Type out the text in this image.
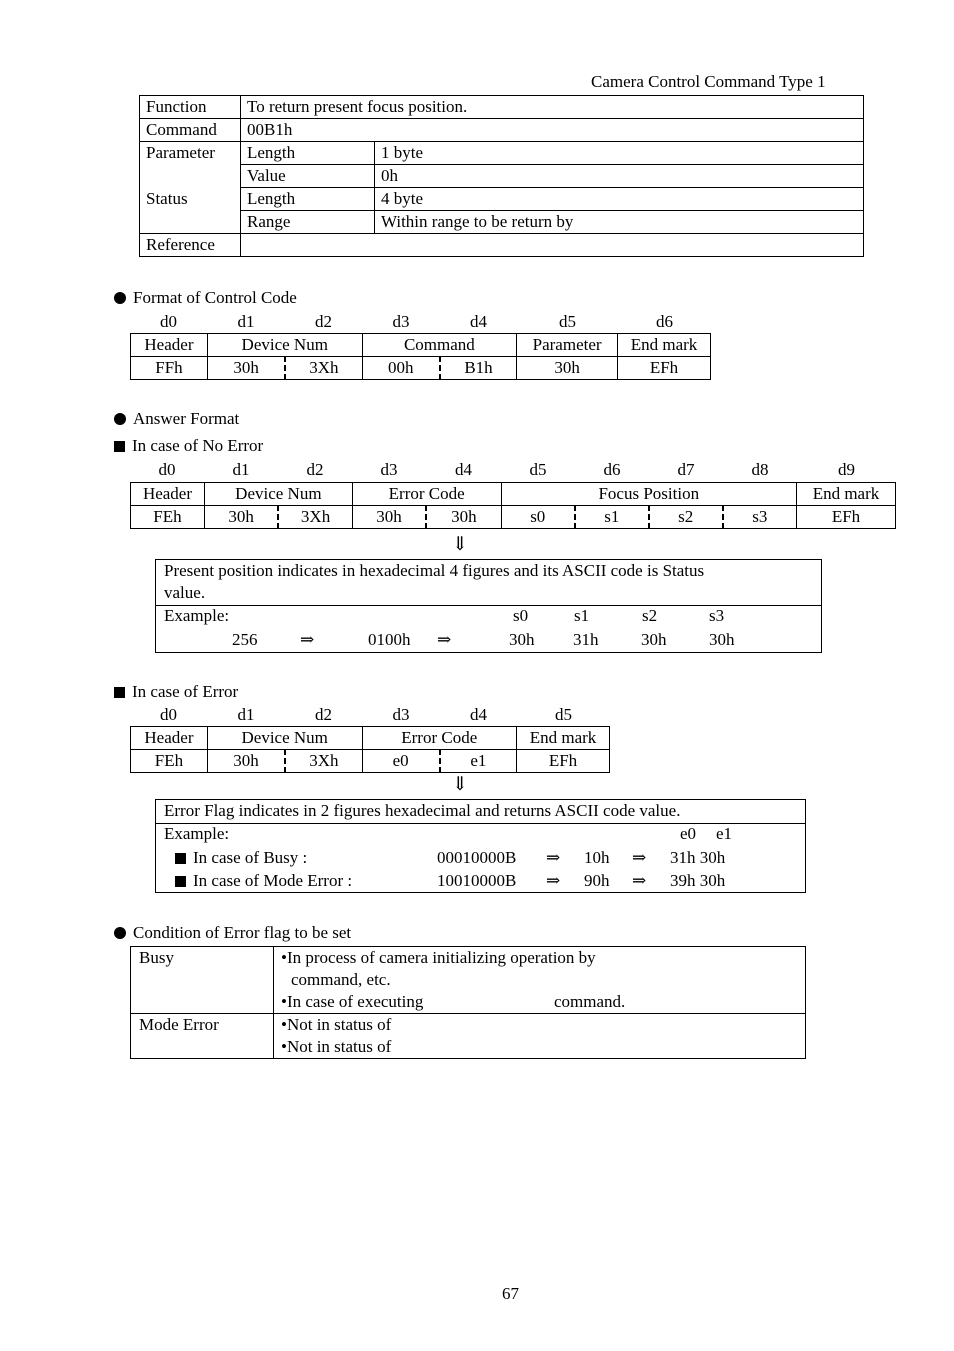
Camera Control Command Type 1
Function	To return present focus position.	
Command	00B1h	
Parameter	Length	1 byte
	Value	0h
Status	Length	4 byte
	Range	Within range to be return by
Reference		
Format of Control Code
d0	d1	d2	d3	d4	d5	d6
Header	Device Num		Command		Parameter	End mark
FFh	30h	3Xh	00h	B1h	30h	EFh
Answer Format
In case of No Error
d0	d1	d2	d3	d4	d5	d6	d7	d8	d9
Header	Device Num		Error Code		Focus Position				End mark
FEh	30h	3Xh	30h	30h	s0	s1	s2	s3	EFh
⇓
Present position indicates in hexadecimal 4 figures and its ASCII code is Status
value.
Example:	s0	s1	s2	s3
256	⇒	0100h ⇒	30h 31h	30h	30h
In case of Error
d0	d1	d2	d3	d4	d5
Header	Device Num		Error Code		End mark
FEh	30h	3Xh	e0	e1	EFh
⇓
Error Flag indicates in 2 figures hexadecimal and returns ASCII code value.
Example:	e0 e1
In case of Busy :	00010000B ⇒ 10h ⇒ 31h 30h
In case of Mode Error :	10010000B ⇒ 90h ⇒ 39h 30h
Condition of Error flag to be set
Busy	•In process of camera initializing operation by
command, etc.
•In case of executing	command.
Mode Error	•Not in status of
•Not in status of
67
